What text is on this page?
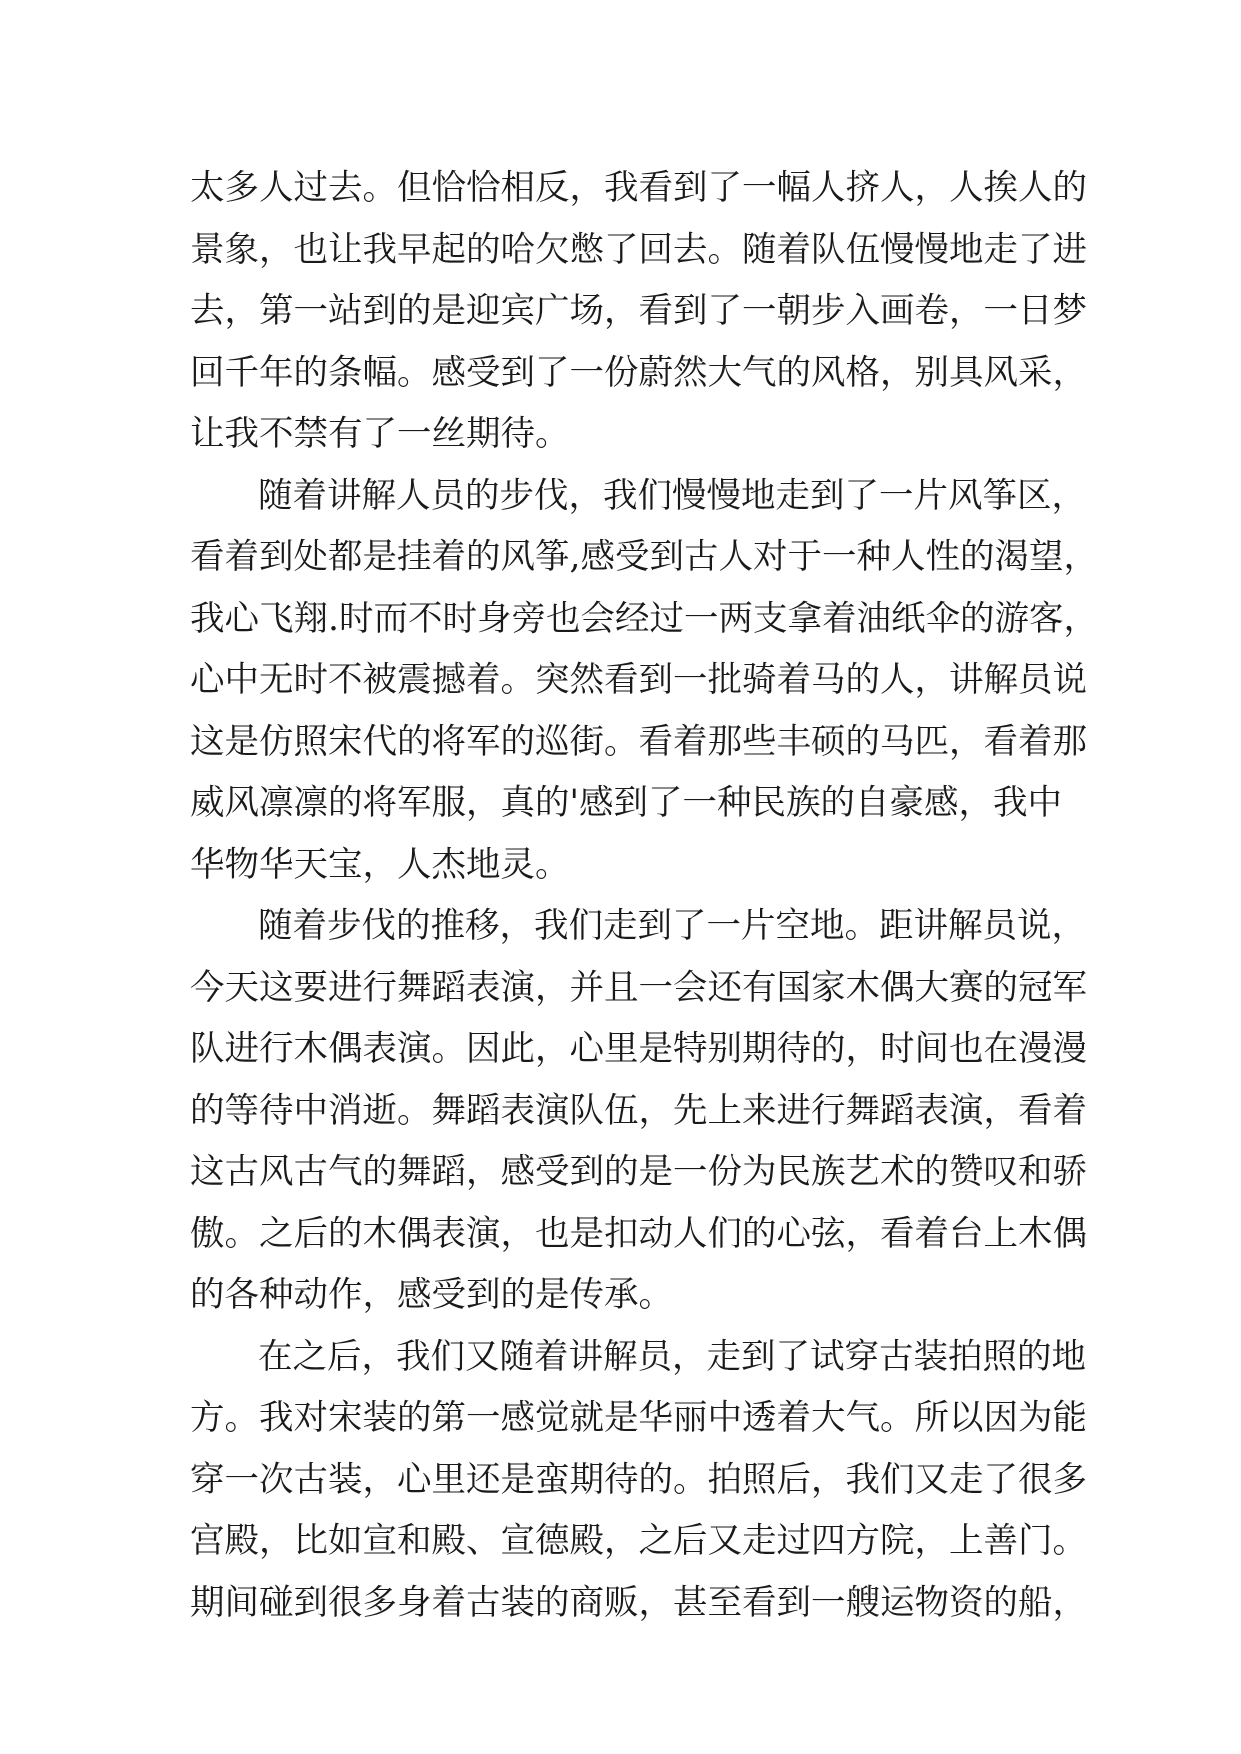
太多人过去。但恰恰相反，我看到了一幅人挤人，人挨人的
景象，也让我早起的哈欠憋了回去。随着队伍慢慢地走了进
去，第一站到的是迎宾广场，看到了一朝步入画卷，一日梦
回千年的条幅。感受到了一份蔚然大气的风格，别具风采，
让我不禁有了一丝期待。
随着讲解人员的步伐，我们慢慢地走到了一片风筝区，
看着到处都是挂着的风筝,感受到古人对于一种人性的渴望，
我心飞翔.时而不时身旁也会经过一两支拿着油纸伞的游客，
心中无时不被震撼着。突然看到一批骑着马的人，讲解员说
这是仿照宋代的将军的巡街。看着那些丰硕的马匹，看着那
威风凛凛的将军服，真的'感到了一种民族的自豪感，我中
华物华天宝，人杰地灵。
随着步伐的推移，我们走到了一片空地。距讲解员说，
今天这要进行舞蹈表演，并且一会还有国家木偶大赛的冠军
队进行木偶表演。因此，心里是特别期待的，时间也在漫漫
的等待中消逝。舞蹈表演队伍，先上来进行舞蹈表演，看着
这古风古气的舞蹈，感受到的是一份为民族艺术的赞叹和骄
傲。之后的木偶表演，也是扣动人们的心弦，看着台上木偶
的各种动作，感受到的是传承。
在之后，我们又随着讲解员，走到了试穿古装拍照的地
方。我对宋装的第一感觉就是华丽中透着大气。所以因为能
穿一次古装，心里还是蛮期待的。拍照后，我们又走了很多
宫殿，比如宣和殿、宣德殿，之后又走过四方院，上善门。
期间碰到很多身着古装的商贩，甚至看到一艘运物资的船，
